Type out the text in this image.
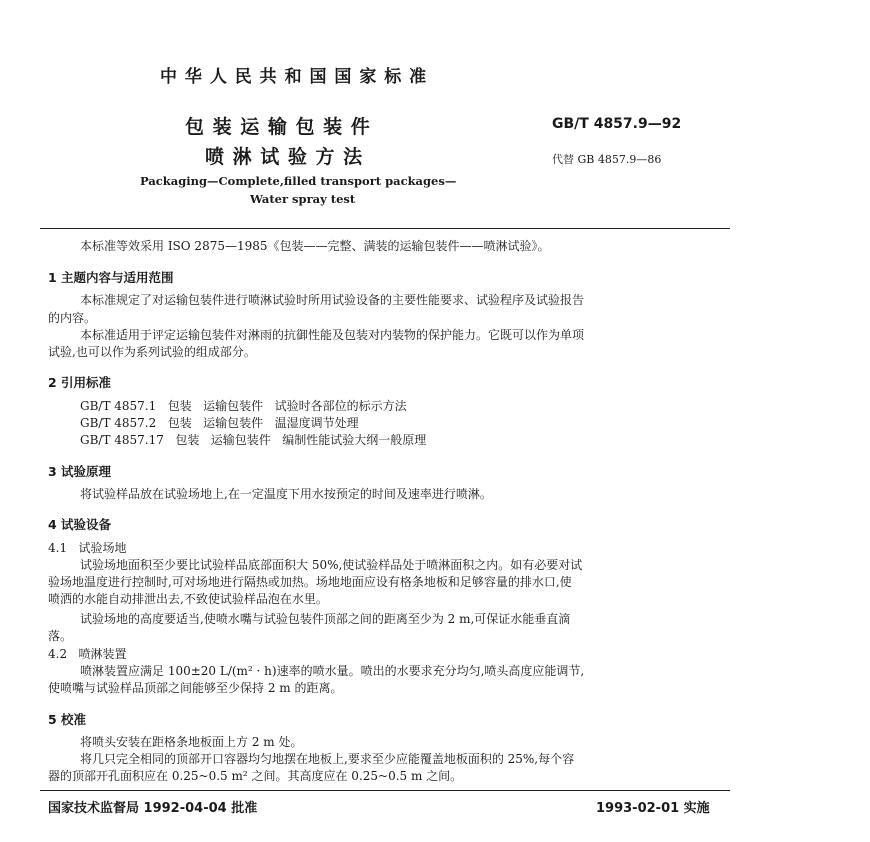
中 华 人 民 共 和 国 国 家 标 准
包 装 运 输 包 装 件
喷 淋 试 验 方 法
GB/T 4857.9—92
代替 GB 4857.9—86
Packaging—Complete,filled transport packages—
Water spray test
本标准等效采用 ISO 2875—1985《包装——完整、满装的运输包装件——喷淋试验》。
1 主题内容与适用范围
本标准规定了对运输包装件进行喷淋试验时所用试验设备的主要性能要求、试验程序及试验报告
的内容。
本标准适用于评定运输包装件对淋雨的抗御性能及包装对内装物的保护能力。它既可以作为单项
试验,也可以作为系列试验的组成部分。
2 引用标准
GB/T 4857.1   包装   运输包装件   试验时各部位的标示方法
GB/T 4857.2   包装   运输包装件   温湿度调节处理
GB/T 4857.17   包装   运输包装件   编制性能试验大纲一般原理
3 试验原理
将试验样品放在试验场地上,在一定温度下用水按预定的时间及速率进行喷淋。
4 试验设备
4.1   试验场地
试验场地面积至少要比试验样品底部面积大 50%,使试验样品处于喷淋面积之内。如有必要对试
验场地温度进行控制时,可对场地进行隔热或加热。场地地面应设有格条地板和足够容量的排水口,使
喷洒的水能自动排泄出去,不致使试验样品泡在水里。
试验场地的高度要适当,使喷水嘴与试验包装件顶部之间的距离至少为 2 m,可保证水能垂直滴
落。
4.2   喷淋装置
喷淋装置应满足 100±20 L/(m² · h)速率的喷水量。喷出的水要求充分均匀,喷头高度应能调节,
使喷嘴与试验样品顶部之间能够至少保持 2 m 的距离。
5 校准
将喷头安装在距格条地板面上方 2 m 处。
将几只完全相同的顶部开口容器均匀地摆在地板上,要求至少应能覆盖地板面积的 25%,每个容
器的顶部开孔面积应在 0.25~0.5 m² 之间。其高度应在 0.25~0.5 m 之间。
国家技术监督局 1992-04-04 批准	1993-02-01 实施
